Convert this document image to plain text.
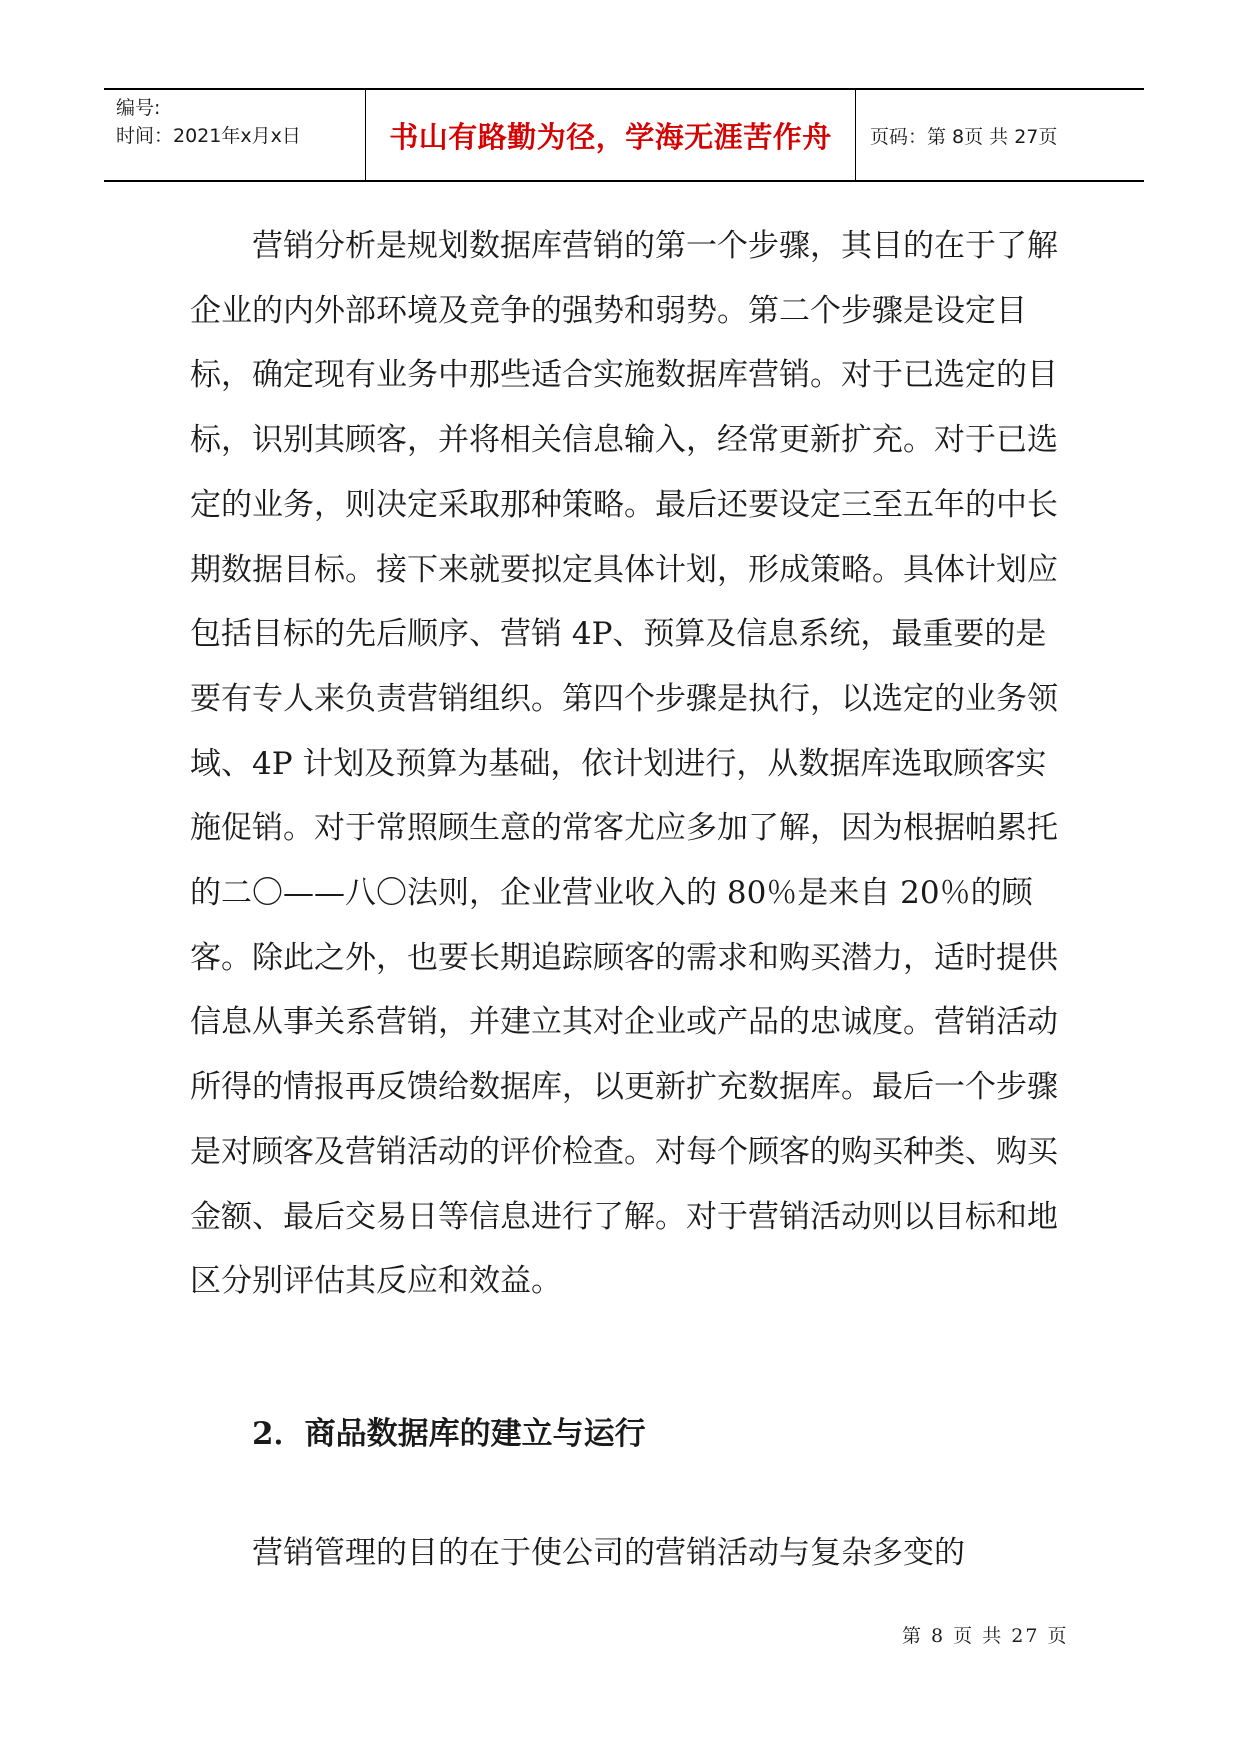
编号:
时间：2021年x月x日	书山有路勤为径，学海无涯苦作舟	页码：第 8页 共 27页

营销分析是规划数据库营销的第一个步骤，其目的在于了解企业的内外部环境及竞争的强势和弱势。第二个步骤是设定目标，确定现有业务中那些适合实施数据库营销。对于已选定的目标，识别其顾客，并将相关信息输入，经常更新扩充。对于已选定的业务，则决定采取那种策略。最后还要设定三至五年的中长期数据目标。接下来就要拟定具体计划，形成策略。具体计划应包括目标的先后顺序、营销 4P、预算及信息系统，最重要的是要有专人来负责营销组织。第四个步骤是执行，以选定的业务领域、4P 计划及预算为基础，依计划进行，从数据库选取顾客实施促销。对于常照顾生意的常客尤应多加了解，因为根据帕累托的二〇——八〇法则，企业营业收入的 80％是来自 20％的顾客。除此之外，也要长期追踪顾客的需求和购买潜力，适时提供信息从事关系营销，并建立其对企业或产品的忠诚度。营销活动所得的情报再反馈给数据库，以更新扩充数据库。最后一个步骤是对顾客及营销活动的评价检查。对每个顾客的购买种类、购买金额、最后交易日等信息进行了解。对于营销活动则以目标和地区分别评估其反应和效益。

2．商品数据库的建立与运行

营销管理的目的在于使公司的营销活动与复杂多变的

第 8 页 共 27 页
